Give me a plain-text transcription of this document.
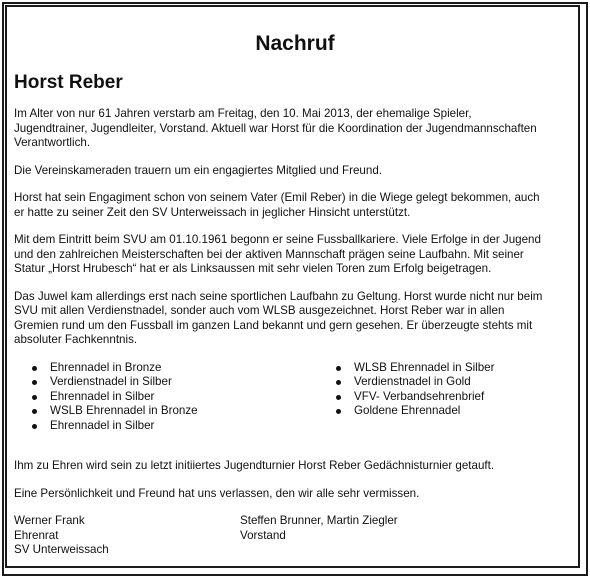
Nachruf
Horst Reber

Im Alter von nur 61 Jahren verstarb am Freitag, den 10. Mai 2013, der ehemalige Spieler,
Jugendtrainer, Jugendleiter, Vorstand. Aktuell war Horst für die Koordination der Jugendmannschaften
Verantwortlich.

Die Vereinskameraden trauern um ein engagiertes Mitglied und Freund.

Horst hat sein Engagiment schon von seinem Vater (Emil Reber) in die Wiege gelegt bekommen, auch
er hatte zu seiner Zeit den SV Unterweissach in jeglicher Hinsicht unterstützt.

Mit dem Eintritt beim SVU am 01.10.1961 begonn er seine Fussballkariere. Viele Erfolge in der Jugend
und den zahlreichen Meisterschaften bei der aktiven Mannschaft prägen seine Laufbahn. Mit seiner
Statur „Horst Hrubesch“ hat er als Linksaussen mit sehr vielen Toren zum Erfolg beigetragen.

Das Juwel kam allerdings erst nach seine sportlichen Laufbahn zu Geltung. Horst wurde nicht nur beim
SVU mit allen Verdienstnadel, sonder auch vom WLSB ausgezeichnet. Horst Reber war in allen
Gremien rund um den Fussball im ganzen Land bekannt und gern gesehen. Er überzeugte stehts mit
absoluter Fachkenntnis.

Ehrennadel in Bronze
Verdienstnadel in Silber
Ehrennadel in Silber
WSLB Ehrennadel in Bronze
Ehrennadel in Silber
WLSB Ehrennadel in Silber
Verdienstnadel in Gold
VFV- Verbandsehrenbrief
Goldene Ehrennadel

Ihm zu Ehren wird sein zu letzt initiiertes Jugendturnier Horst Reber Gedächnisturnier getauft.

Eine Persönlichkeit und Freund hat uns verlassen, den wir alle sehr vermissen.

Werner Frank
Ehrenrat
SV Unterweissach
Steffen Brunner, Martin Ziegler
Vorstand
